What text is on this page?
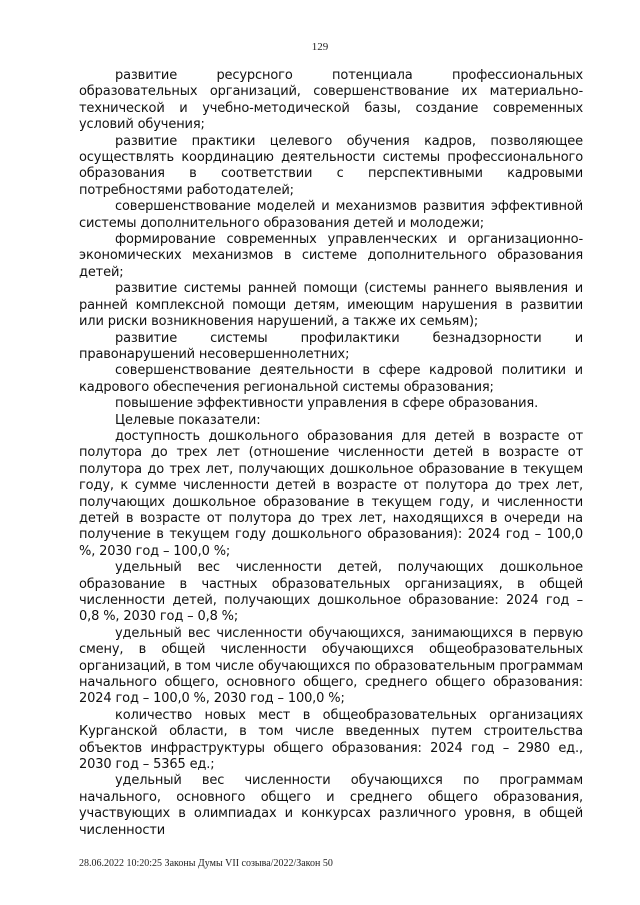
129

развитие ресурсного потенциала профессиональных образовательных организаций, совершенствование их материально-технической и учебно-методической базы, создание современных условий обучения;

развитие практики целевого обучения кадров, позволяющее осуществлять координацию деятельности системы профессионального образования в соответствии с перспективными кадровыми потребностями работодателей;

совершенствование моделей и механизмов развития эффективной системы дополнительного образования детей и молодежи;

формирование современных управленческих и организационно-экономических механизмов в системе дополнительного образования детей;

развитие системы ранней помощи (системы раннего выявления и ранней комплексной помощи детям, имеющим нарушения в развитии или риски возникновения нарушений, а также их семьям);

развитие системы профилактики безнадзорности и правонарушений несовершеннолетних;

совершенствование деятельности в сфере кадровой политики и кадрового обеспечения региональной системы образования;

повышение эффективности управления в сфере образования.

Целевые показатели:

доступность дошкольного образования для детей в возрасте от полутора до трех лет (отношение численности детей в возрасте от полутора до трех лет, получающих дошкольное образование в текущем году, к сумме численности детей в возрасте от полутора до трех лет, получающих дошкольное образование в текущем году, и численности детей в возрасте от полутора до трех лет, находящихся в очереди на получение в текущем году дошкольного образования): 2024 год – 100,0 %, 2030 год – 100,0 %;

удельный вес численности детей, получающих дошкольное образование в частных образовательных организациях, в общей численности детей, получающих дошкольное образование: 2024 год – 0,8 %, 2030 год – 0,8 %;

удельный вес численности обучающихся, занимающихся в первую смену, в общей численности обучающихся общеобразовательных организаций, в том числе обучающихся по образовательным программам начального общего, основного общего, среднего общего образования: 2024 год – 100,0 %, 2030 год – 100,0 %;

количество новых мест в общеобразовательных организациях Курганской области, в том числе введенных путем строительства объектов инфраструктуры общего образования: 2024 год – 2980 ед., 2030 год – 5365 ед.;

удельный вес численности обучающихся по программам начального, основного общего и среднего общего образования, участвующих в олимпиадах и конкурсах различного уровня, в общей численности

28.06.2022 10:20:25 Законы Думы VII созыва/2022/Закон 50
